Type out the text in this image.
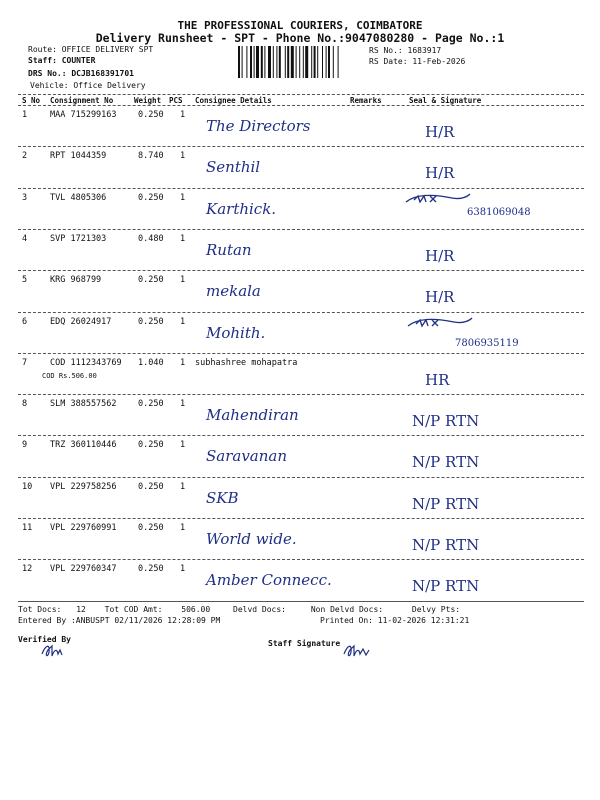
THE PROFESSIONAL COURIERS, COIMBATORE
Delivery Runsheet - SPT - Phone No.:9047080280 - Page No.:1
Route: OFFICE DELIVERY SPT
Staff: COUNTER
DRS No.: DCJB168391701
Vehicle: Office Delivery
RS No.: 1683917
RS Date: 11-Feb-2026
S No Consignment No	Weight PCS Consignee Details	Remarks	Seal & Signature
1	MAA 715299163	0.250 1
The Directors	H/R
2	RPT 1044359	8.740 1
Senthil	H/R
3	TVL 4805306	0.250 1
Karthick.	6381069048
4	SVP 1721303	0.480 1
Rutan	H/R
5	KRG 968799	0.250 1
mekala	H/R
6	EDQ 26024917	0.250 1
Mohith.
7806935119
7	COD 1112343769 1.040 1 subhashree mohapatra
COD Rs.506.00	HR
8	SLM 388557562	0.250 1
Mahendiran	N/P RTN
9	TRZ 360110446	0.250 1
Saravanan	N/P RTN
10 VPL 229758256	0.250 1
SKB	N/P RTN
11 VPL 229760991	0.250 1
World wide.	N/P RTN
12 VPL 229760347	0.250 1
Amber Connecc.	N/P RTN
Tot Docs: 12 Tot COD Amt: 506.00	Delvd Docs:	Non Delvd Docs:	Delvy Pts:
Entered By :ANBUSPT 02/11/2026 12:28:09 PM	Printed On: 11-02-2026 12:31:21
Verified By	Staff Signature
